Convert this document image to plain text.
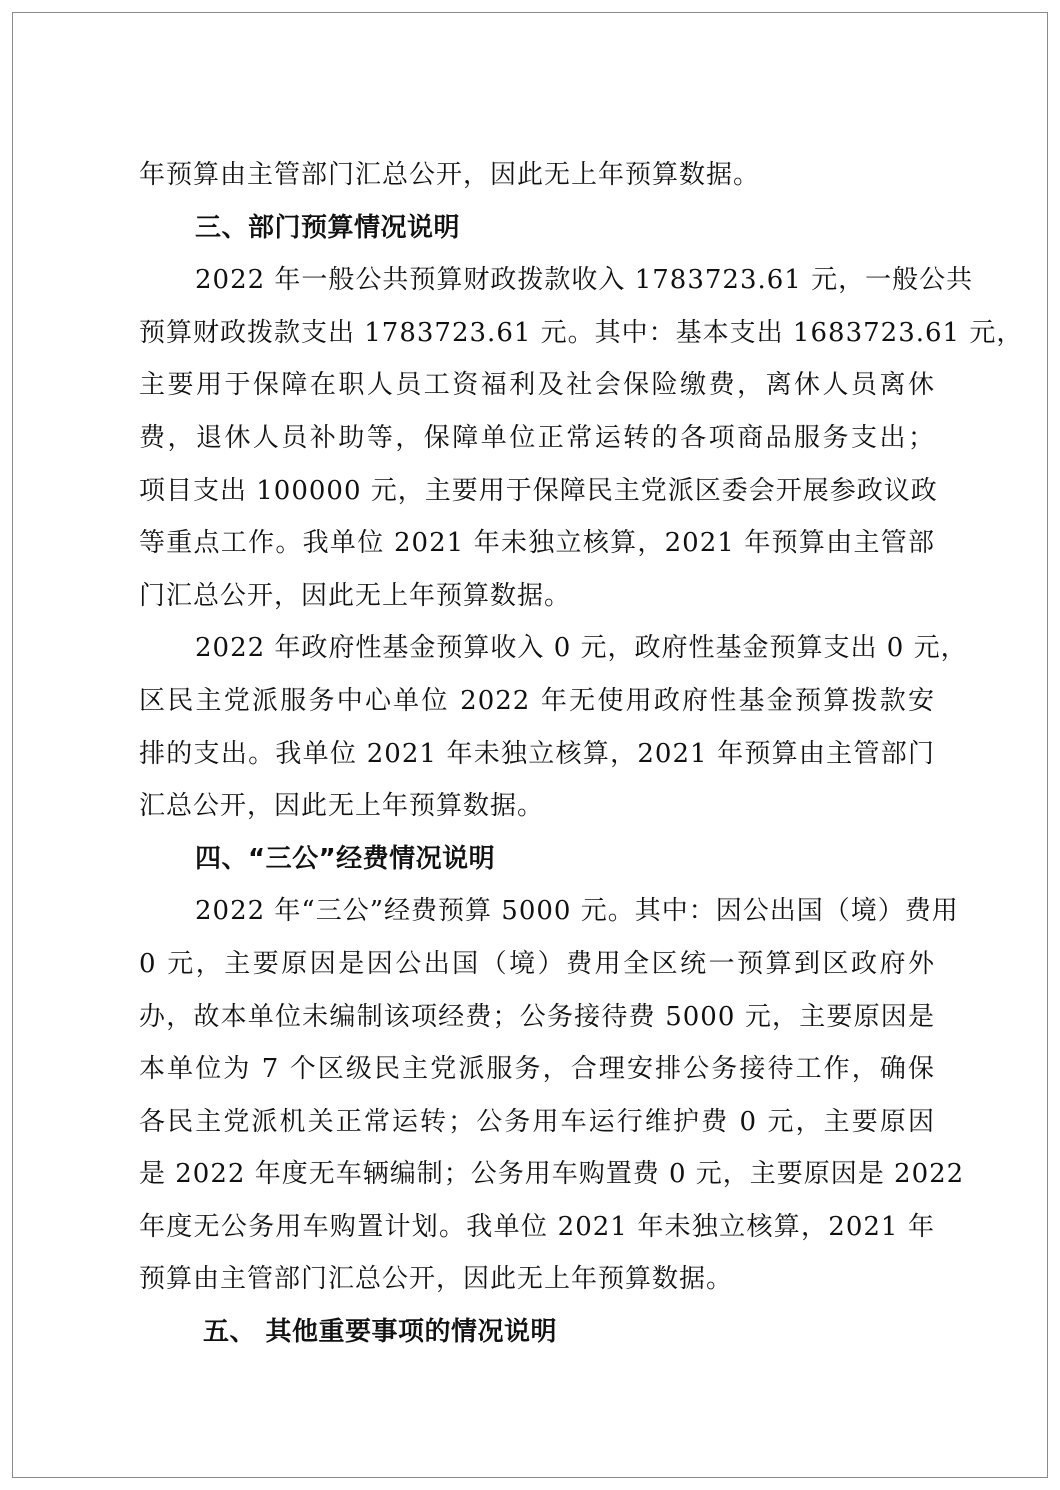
年预算由主管部门汇总公开，因此无上年预算数据。
三、部门预算情况说明
2022 年一般公共预算财政拨款收入 1783723.61 元，一般公共
预算财政拨款支出 1783723.61 元。其中：基本支出 1683723.61 元，
主要用于保障在职人员工资福利及社会保险缴费，离休人员离休
费，退休人员补助等，保障单位正常运转的各项商品服务支出；
项目支出 100000 元，主要用于保障民主党派区委会开展参政议政
等重点工作。我单位 2021 年未独立核算，2021 年预算由主管部
门汇总公开，因此无上年预算数据。
2022 年政府性基金预算收入 0 元，政府性基金预算支出 0 元，
区民主党派服务中心单位 2022 年无使用政府性基金预算拨款安
排的支出。我单位 2021 年未独立核算，2021 年预算由主管部门
汇总公开，因此无上年预算数据。
四、“三公”经费情况说明
2022 年“三公”经费预算 5000 元。其中：因公出国（境）费用
0 元，主要原因是因公出国（境）费用全区统一预算到区政府外
办，故本单位未编制该项经费；公务接待费 5000 元，主要原因是
本单位为 7 个区级民主党派服务，合理安排公务接待工作，确保
各民主党派机关正常运转；公务用车运行维护费 0 元，主要原因
是 2022 年度无车辆编制；公务用车购置费 0 元，主要原因是 2022
年度无公务用车购置计划。我单位 2021 年未独立核算，2021 年
预算由主管部门汇总公开，因此无上年预算数据。
五、 其他重要事项的情况说明
